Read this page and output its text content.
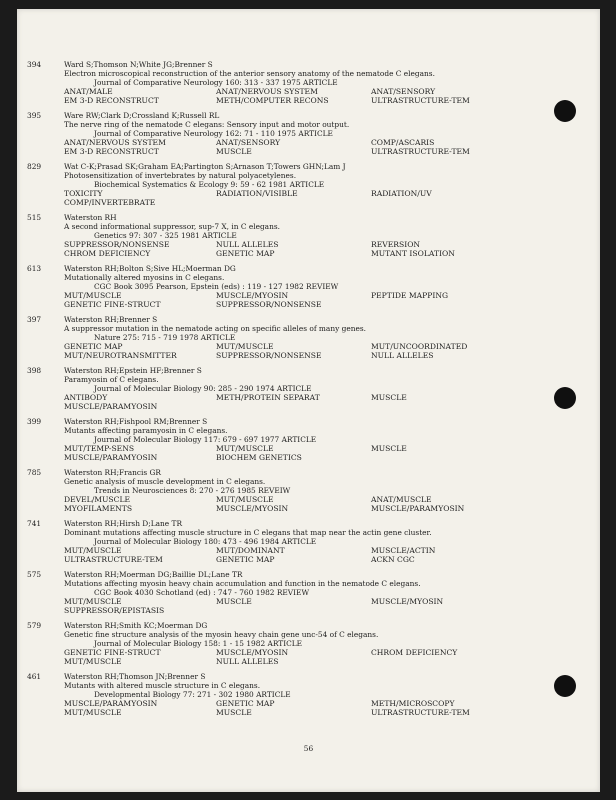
394	Ward S;Thomson N;White JG;Brenner S
Electron microscopical reconstruction of the anterior sensory anatomy of the nematode C elegans.
Journal of Comparative Neurology 160: 313 - 337 1975 ARTICLE
ANAT/MALE	ANAT/NERVOUS SYSTEM	ANAT/SENSORY
EM 3-D RECONSTRUCT	METH/COMPUTER RECONS	ULTRASTRUCTURE-TEM
395	Ware RW;Clark D;Crossland K;Russell RL
The nerve ring of the nematode C elegans: Sensory input and motor output.
Journal of Comparative Neurology 162: 71 - 110 1975 ARTICLE
ANAT/NERVOUS SYSTEM	ANAT/SENSORY	COMP/ASCARIS
EM 3-D RECONSTRUCT	MUSCLE	ULTRASTRUCTURE-TEM
829	Wat C-K;Prasad SK;Graham EA;Partington S;Arnason T;Towers GHN;Lam J
Photosensitization of invertebrates by natural polyacetylenes.
Biochemical Systematics & Ecology 9: 59 - 62 1981 ARTICLE
TOXICITY	RADIATION/VISIBLE	RADIATION/UV
COMP/INVERTEBRATE
515	Waterston RH
A second informational suppressor, sup-7 X, in C elegans.
Genetics 97: 307 - 325 1981 ARTICLE
SUPPRESSOR/NONSENSE	NULL ALLELES	REVERSION
CHROM DEFICIENCY	GENETIC MAP	MUTANT ISOLATION
613	Waterston RH;Bolton S;Sive HL;Moerman DG
Mutationally altered myosins in C elegans.
CGC Book 3095 Pearson, Epstein (eds) : 119 - 127 1982 REVIEW
MUT/MUSCLE	MUSCLE/MYOSIN	PEPTIDE MAPPING
GENETIC FINE-STRUCT	SUPPRESSOR/NONSENSE
397	Waterston RH;Brenner S
A suppressor mutation in the nematode acting on specific alleles of many genes.
Nature 275: 715 - 719 1978 ARTICLE
GENETIC MAP	MUT/MUSCLE	MUT/UNCOORDINATED
MUT/NEUROTRANSMITTER	SUPPRESSOR/NONSENSE	NULL ALLELES
398	Waterston RH;Epstein HF;Brenner S
Paramyosin of C elegans.
Journal of Molecular Biology 90: 285 - 290 1974 ARTICLE
ANTIBODY	METH/PROTEIN SEPARAT	MUSCLE
MUSCLE/PARAMYOSIN
399	Waterston RH;Fishpool RM;Brenner S
Mutants affecting paramyosin in C elegans.
Journal of Molecular Biology 117: 679 - 697 1977 ARTICLE
MUT/TEMP-SENS	MUT/MUSCLE	MUSCLE
MUSCLE/PARAMYOSIN	BIOCHEM GENETICS
785	Waterston RH;Francis GR
Genetic analysis of muscle development in C elegans.
Trends in Neurosciences 8: 270 - 276 1985 REVEIW
DEVEL/MUSCLE	MUT/MUSCLE	ANAT/MUSCLE
MYOFILAMENTS	MUSCLE/MYOSIN	MUSCLE/PARAMYOSIN
741	Waterston RH;Hirsh D;Lane TR
Dominant mutations affecting muscle structure in C elegans that map near the actin gene cluster.
Journal of Molecular Biology 180: 473 - 496 1984 ARTICLE
MUT/MUSCLE	MUT/DOMINANT	MUSCLE/ACTIN
ULTRASTRUCTURE-TEM	GENETIC MAP	ACKN CGC
575	Waterston RH;Moerman DG;Baillie DL;Lane TR
Mutations affecting myosin heavy chain accumulation and function in the nematode C elegans.
CGC Book 4030 Schotland (ed) : 747 - 760 1982 REVIEW
MUT/MUSCLE	MUSCLE	MUSCLE/MYOSIN
SUPPRESSOR/EPISTASIS
579	Waterston RH;Smith KC;Moerman DG
Genetic fine structure analysis of the myosin heavy chain gene unc-54 of C elegans.
Journal of Molecular Biology 158: 1 - 15 1982 ARTICLE
GENETIC FINE-STRUCT	MUSCLE/MYOSIN	CHROM DEFICIENCY
MUT/MUSCLE	NULL ALLELES
461	Waterston RH;Thomson JN;Brenner S
Mutants with altered muscle structure in C elegans.
Developmental Biology 77: 271 - 302 1980 ARTICLE
MUSCLE/PARAMYOSIN	GENETIC MAP	METH/MICROSCOPY
MUT/MUSCLE	MUSCLE	ULTRASTRUCTURE-TEM
56
